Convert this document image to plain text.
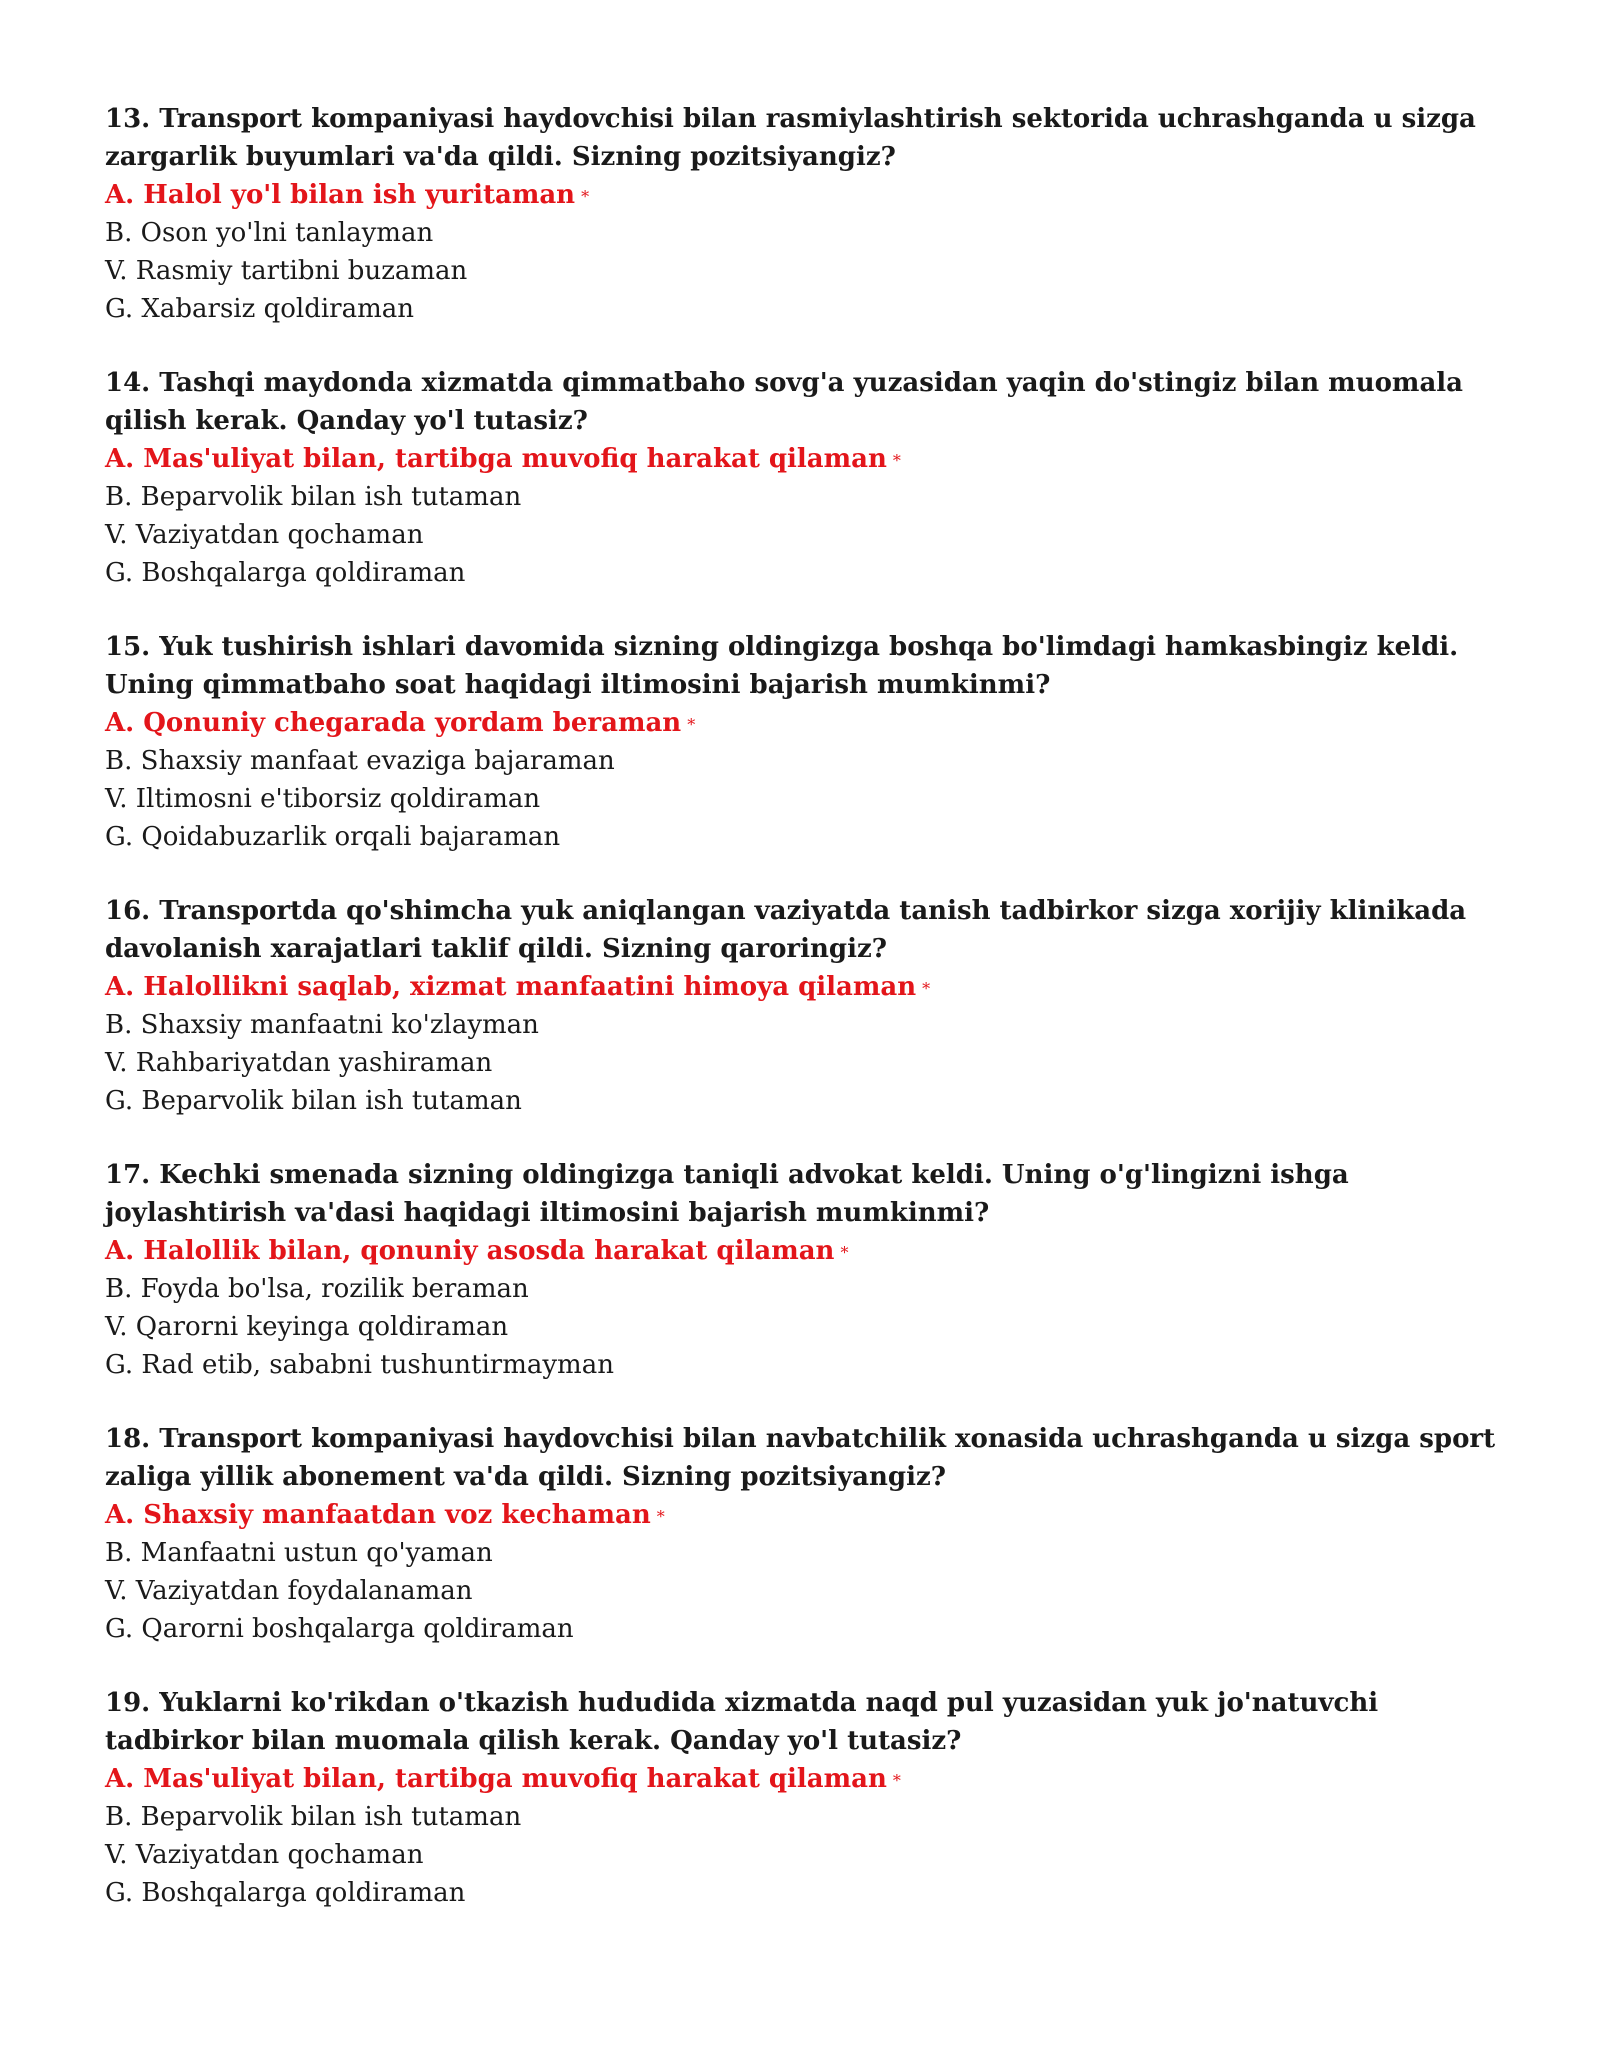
13. Transport kompaniyasi haydovchisi bilan rasmiylashtirish sektorida uchrashganda u sizga zargarlik buyumlari va'da qildi. Sizning pozitsiyangiz?

A. Halol yo'l bilan ish yuritaman *

B. Oson yo'lni tanlayman

V. Rasmiy tartibni buzaman

G. Xabarsiz qoldiraman

14. Tashqi maydonda xizmatda qimmatbaho sovg'a yuzasidan yaqin do'stingiz bilan muomala qilish kerak. Qanday yo'l tutasiz?

A. Mas'uliyat bilan, tartibga muvofiq harakat qilaman *

B. Beparvolik bilan ish tutaman

V. Vaziyatdan qochaman

G. Boshqalarga qoldiraman

15. Yuk tushirish ishlari davomida sizning oldingizga boshqa bo'limdagi hamkasbingiz keldi. Uning qimmatbaho soat haqidagi iltimosini bajarish mumkinmi?

A. Qonuniy chegarada yordam beraman *

B. Shaxsiy manfaat evaziga bajaraman

V. Iltimosni e'tiborsiz qoldiraman

G. Qoidabuzarlik orqali bajaraman

16. Transportda qo'shimcha yuk aniqlangan vaziyatda tanish tadbirkor sizga xorijiy klinikada davolanish xarajatlari taklif qildi. Sizning qaroringiz?

A. Halollikni saqlab, xizmat manfaatini himoya qilaman *

B. Shaxsiy manfaatni ko'zlayman

V. Rahbariyatdan yashiraman

G. Beparvolik bilan ish tutaman

17. Kechki smenada sizning oldingizga taniqli advokat keldi. Uning o'g'lingizni ishga joylashtirish va'dasi haqidagi iltimosini bajarish mumkinmi?

A. Halollik bilan, qonuniy asosda harakat qilaman *

B. Foyda bo'lsa, rozilik beraman

V. Qarorni keyinga qoldiraman

G. Rad etib, sababni tushuntirmayman

18. Transport kompaniyasi haydovchisi bilan navbatchilik xonasida uchrashganda u sizga sport zaliga yillik abonement va'da qildi. Sizning pozitsiyangiz?

A. Shaxsiy manfaatdan voz kechaman *

B. Manfaatni ustun qo'yaman

V. Vaziyatdan foydalanaman

G. Qarorni boshqalarga qoldiraman

19. Yuklarni ko'rikdan o'tkazish hududida xizmatda naqd pul yuzasidan yuk jo'natuvchi tadbirkor bilan muomala qilish kerak. Qanday yo'l tutasiz?

A. Mas'uliyat bilan, tartibga muvofiq harakat qilaman *

B. Beparvolik bilan ish tutaman

V. Vaziyatdan qochaman

G. Boshqalarga qoldiraman
